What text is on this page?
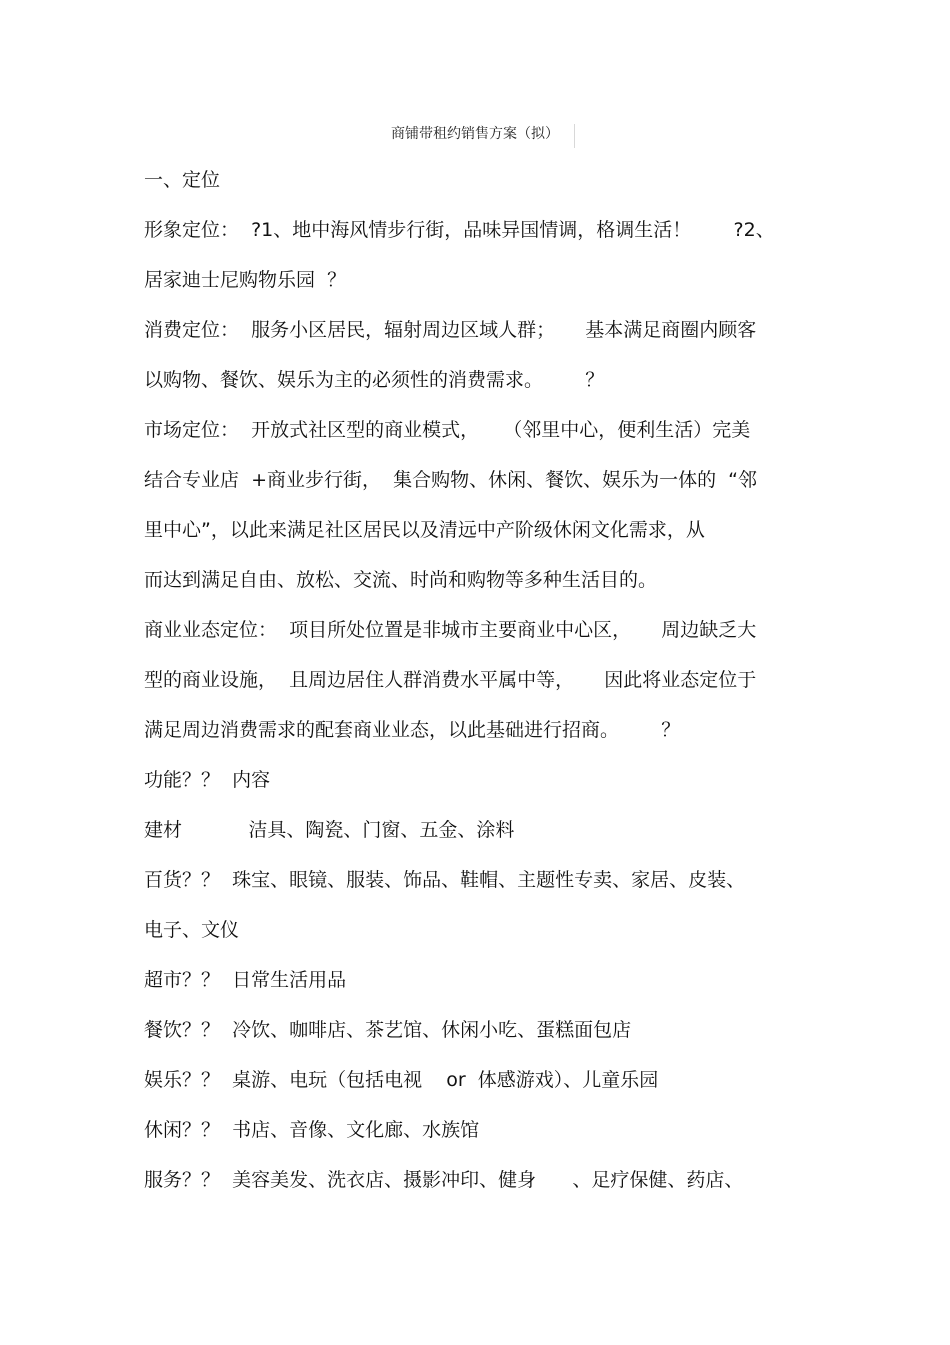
商铺带租约销售方案（拟）
一、定位
形象定位：  ?1、地中海风情步行街，品味异国情调，格调生活！       ?2、
居家迪士尼购物乐园  ？
消费定位：  服务小区居民，辐射周边区域人群；     基本满足商圈内顾客
以购物、餐饮、娱乐为主的必须性的消费需求。       ？
市场定位：  开放式社区型的商业模式，    （邻里中心，便利生活）完美
结合专业店  +商业步行街，  集合购物、休闲、餐饮、娱乐为一体的  “邻
里中心”，以此来满足社区居民以及清远中产阶级休闲文化需求，从
而达到满足自由、放松、交流、时尚和购物等多种生活目的。
商业业态定位：  项目所处位置是非城市主要商业中心区，     周边缺乏大
型的商业设施，  且周边居住人群消费水平属中等，     因此将业态定位于
满足周边消费需求的配套商业业态，以此基础进行招商。       ？
功能？？  内容
建材           洁具、陶瓷、门窗、五金、涂料
百货？？  珠宝、眼镜、服装、饰品、鞋帽、主题性专卖、家居、皮装、
电子、文仪
超市？？  日常生活用品
餐饮？？  冷饮、咖啡店、茶艺馆、休闲小吃、蛋糕面包店
娱乐？？  桌游、电玩（包括电视    or  体感游戏）、儿童乐园
休闲？？  书店、音像、文化廊、水族馆
服务？？  美容美发、洗衣店、摄影冲印、健身      、足疗保健、药店、
